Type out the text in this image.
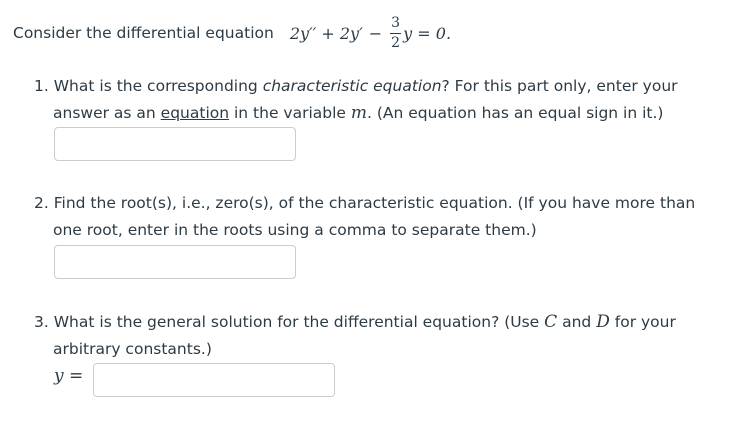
Consider the differential equation $2y'' + 2y' - \frac{3}{2}$ y = 0.
1. What is the corresponding characteristic equation? For this part only, enter your
answer as an equation in the variable m. (An equation has an equal sign in it.)
2. Find the root(s), i.e., zero(s), of the characteristic equation. (If you have more than
one root, enter in the roots using a comma to separate them.)
3. What is the general solution for the differential equation? (Use C and D for your
arbitrary constants.)
y =
